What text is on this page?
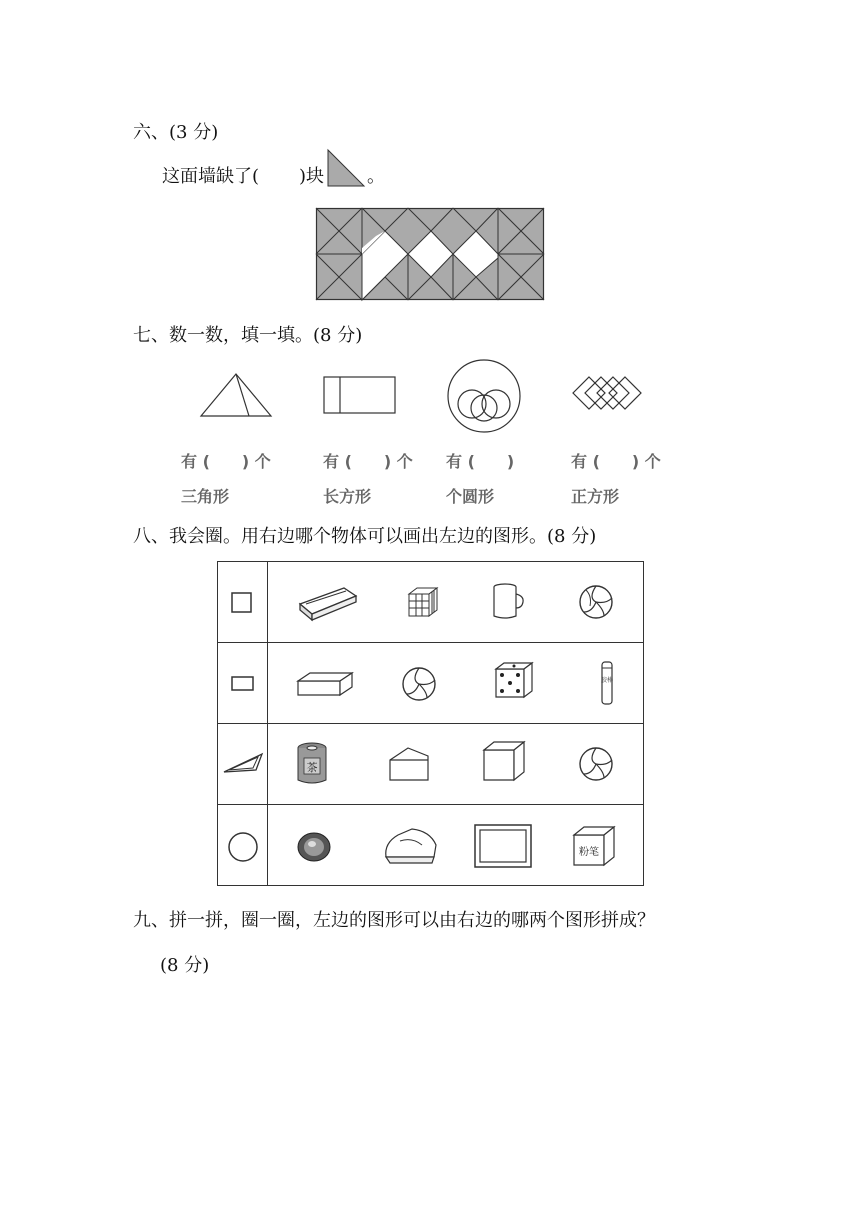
六、(3 分)
这面墙缺了( )块 。
七、数一数，填一填。(8 分)
有 (　　) 个
三角形
有 (　　) 个
长方形
有 (　　)
个圆形
有 (　　) 个
正方形
八、我会圈。用右边哪个物体可以画出左边的图形。(8 分)
胶棒
茶
粉笔
九、拼一拼，圈一圈，左边的图形可以由右边的哪两个图形拼成？
(8 分)
